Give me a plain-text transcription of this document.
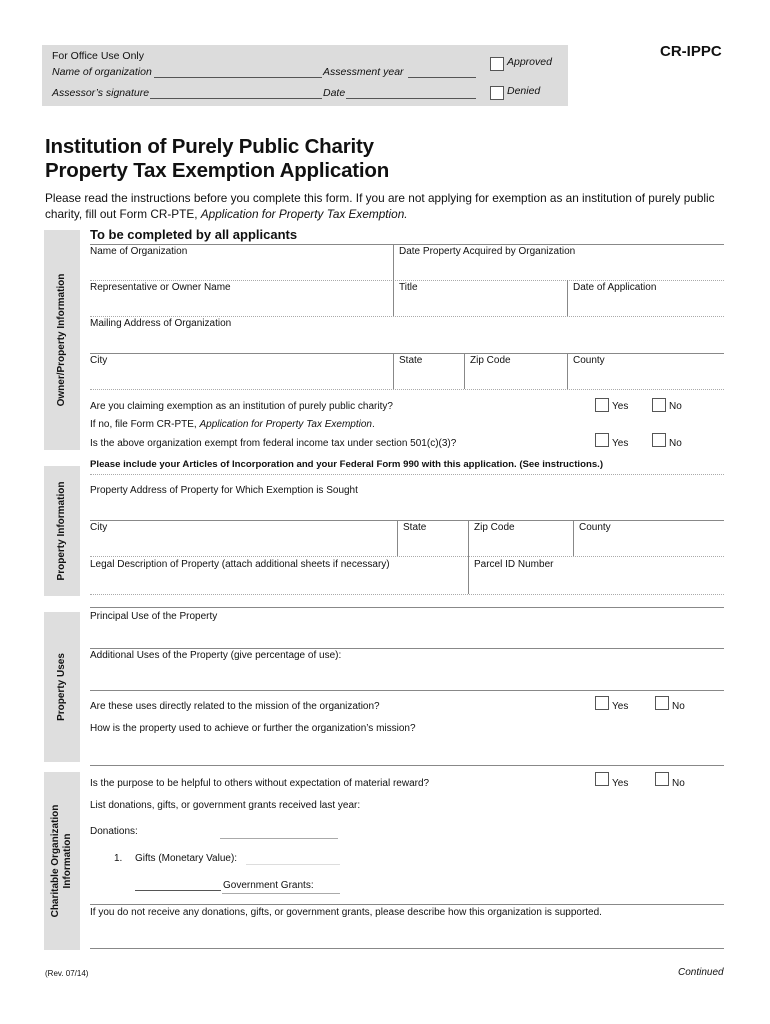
For Office Use Only
Name of organization	Assessment year
Assessor’s signature	Date
Approved
Denied
CR-IPPC
Institution of Purely Public Charity
Property Tax Exemption Application
Please read the instructions before you complete this form. If you are not applying for exemption as an institution of purely public charity, fill out Form CR-PTE, Application for Property Tax Exemption.
Owner/Property Information
Property Information
Property Uses
Charitable Organization Information
To be completed by all applicants
Name of Organization	Date Property Acquired by Organization
Representative or Owner Name	Title	Date of Application
Mailing Address of Organization
City	State	Zip Code	County
Are you claiming exemption as an institution of purely public charity?	Yes	No
If no, file Form CR-PTE, Application for Property Tax Exemption.
Is the above organization exempt from federal income tax under section 501(c)(3)?	Yes	No
Please include your Articles of Incorporation and your Federal Form 990 with this application. (See instructions.)
Property Address of Property for Which Exemption is Sought
City	State	Zip Code	County
Legal Description of Property (attach additional sheets if necessary)	Parcel ID Number
Principal Use of the Property
Additional Uses of the Property (give percentage of use):
Are these uses directly related to the mission of the organization?	Yes	No
How is the property used to achieve or further the organization’s mission?
Is the purpose to be helpful to others without expectation of material reward?	Yes	No
List donations, gifts, or government grants received last year:
Donations:
1. Gifts (Monetary Value):
Government Grants:
If you do not receive any donations, gifts, or government grants, please describe how this organization is supported.
(Rev. 07/14)	Continued
